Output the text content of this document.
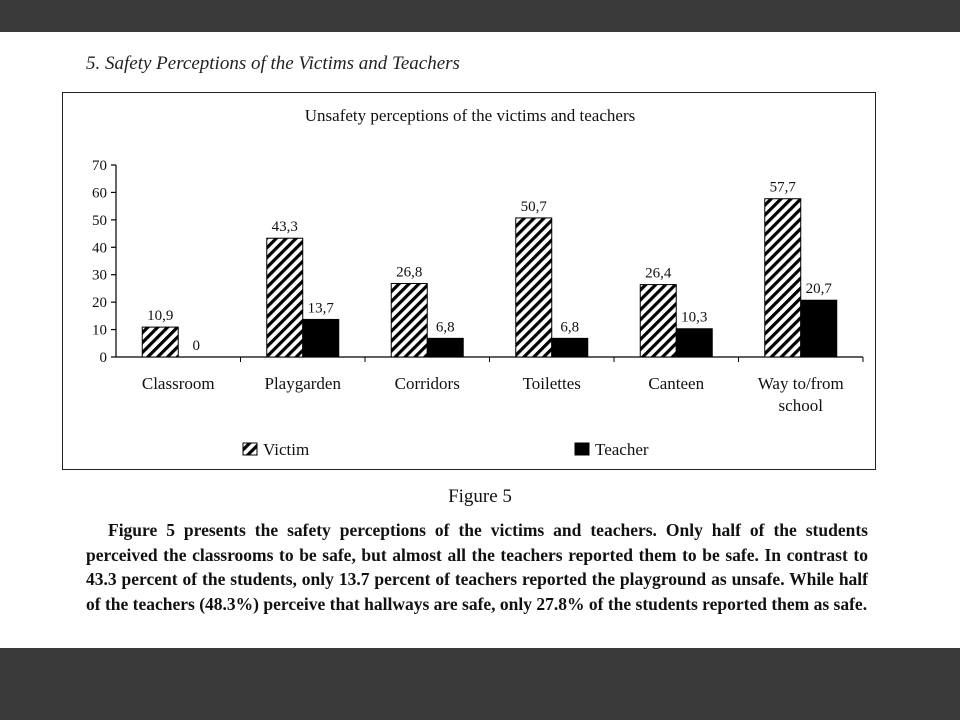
5. Safety Perceptions of the Victims and Teachers
Unsafety perceptions of the victims and teachers
0
10
20
30
40
50
60
70
10,9
0
43,3
13,7
26,8
6,8
50,7
6,8
26,4
10,3
57,7
20,7
Classroom	Playgarden	Corridors	Toilettes	Canteen	Way to/from
school
Victim	Teacher
Figure 5
Figure 5 presents the safety perceptions of the victims and teachers. Only half of the students perceived the classrooms to be safe, but almost all the teachers reported them to be safe. In contrast to 43.3 percent of the students, only 13.7 percent of teachers reported the playground as unsafe. While half of the teachers (48.3%) perceive that hallways are safe, only 27.8% of the students reported them as safe.
